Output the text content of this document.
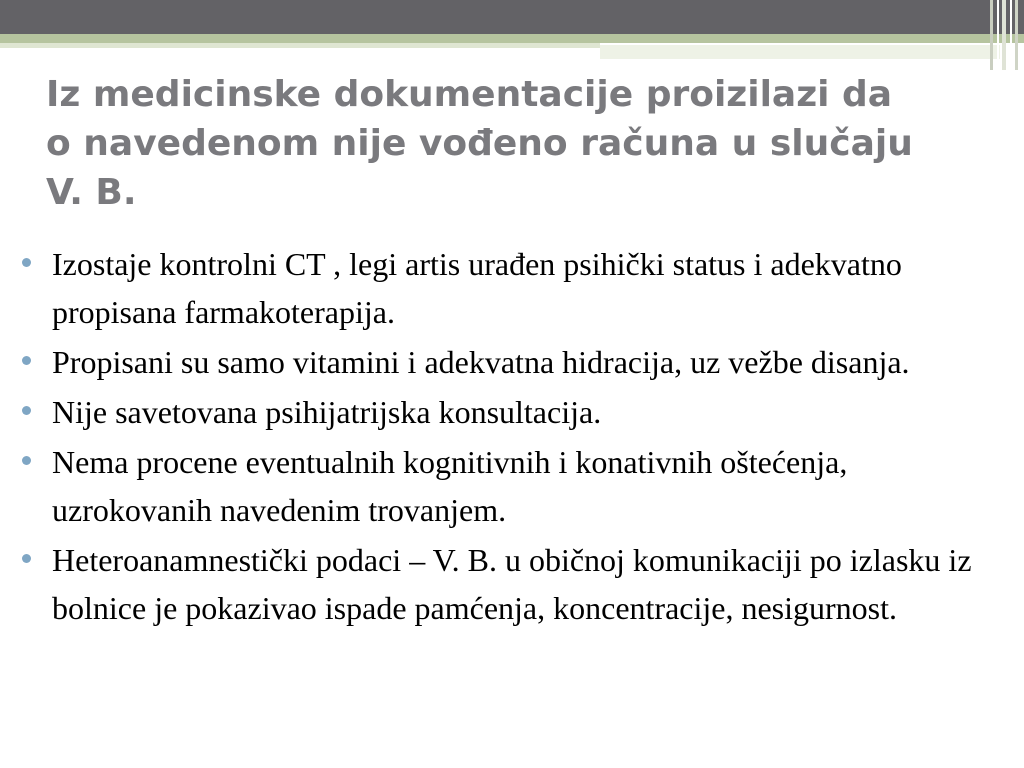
Iz medicinske dokumentacije proizilazi da
o navedenom nije vođeno računa u slučaju
V. B.
Izostaje kontrolni CT , legi artis urađen psihički status i adekvatno propisana farmakoterapija.
Propisani su samo vitamini i adekvatna hidracija, uz vežbe disanja.
Nije savetovana psihijatrijska konsultacija.
Nema procene eventualnih kognitivnih i konativnih oštećenja, uzrokovanih navedenim trovanjem.
Heteroanamnestički podaci – V. B. u običnoj komunikaciji po izlasku iz bolnice je pokazivao ispade pamćenja, koncentracije, nesigurnost.
